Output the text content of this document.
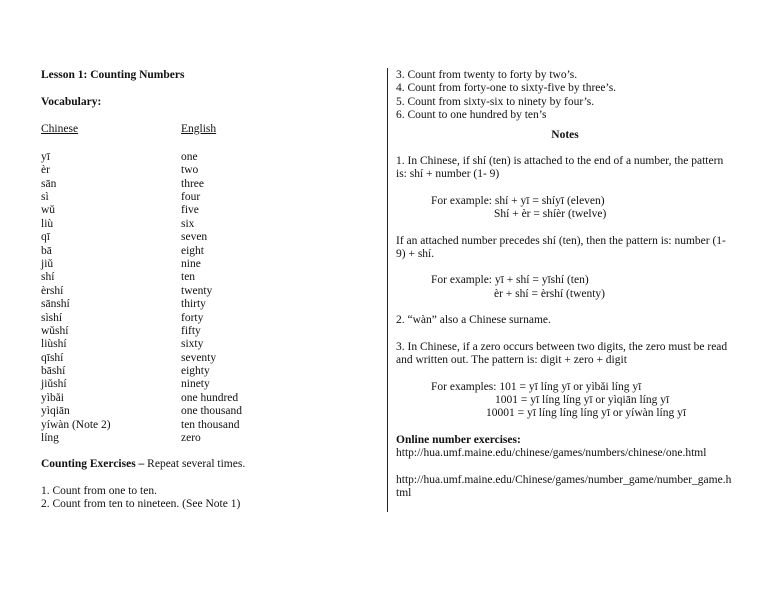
Lesson 1: Counting Numbers
Vocabulary:
Chinese	English
yī	one
èr	two
sān	three
sì	four
wǔ	five
liù	six
qī	seven
bā	eight
jiǔ	nine
shí	ten
èrshí	twenty
sānshí	thirty
sìshí	forty
wǔshí	fifty
liùshí	sixty
qīshí	seventy
bāshí	eighty
jiǔshí	ninety
yìbǎi	one hundred
yìqiān	one thousand
yíwàn (Note 2)	ten thousand
líng	zero
Counting Exercises – Repeat several times.
1. Count from one to ten.
2. Count from ten to nineteen. (See Note 1)
3. Count from twenty to forty by two’s.
4. Count from forty-one to sixty-five by three’s.
5. Count from sixty-six to ninety by four’s.
6. Count to one hundred by ten’s
Notes

1. In Chinese, if shí (ten) is attached to the end of a number, the pattern is: shí + number (1- 9)

For example: shí + yī = shíyī (eleven)
Shí + èr = shíèr (twelve)

If an attached number precedes shí (ten), then the pattern is: number (1-9) + shí.

For example: yī + shí = yīshí (ten)
èr + shí = èrshí (twenty)
2. “wàn” also a Chinese surname.

3. In Chinese, if a zero occurs between two digits, the zero must be read and written out. The pattern is: digit + zero + digit

For examples: 101 = yī líng yī or yìbǎi líng yī
1001 = yī líng líng yī or yìqiān líng yī
10001 = yī líng líng líng yī or yíwàn líng yī
Online number exercises:
http://hua.umf.maine.edu/chinese/games/numbers/chinese/one.html
http://hua.umf.maine.edu/Chinese/games/number_game/number_game.html
